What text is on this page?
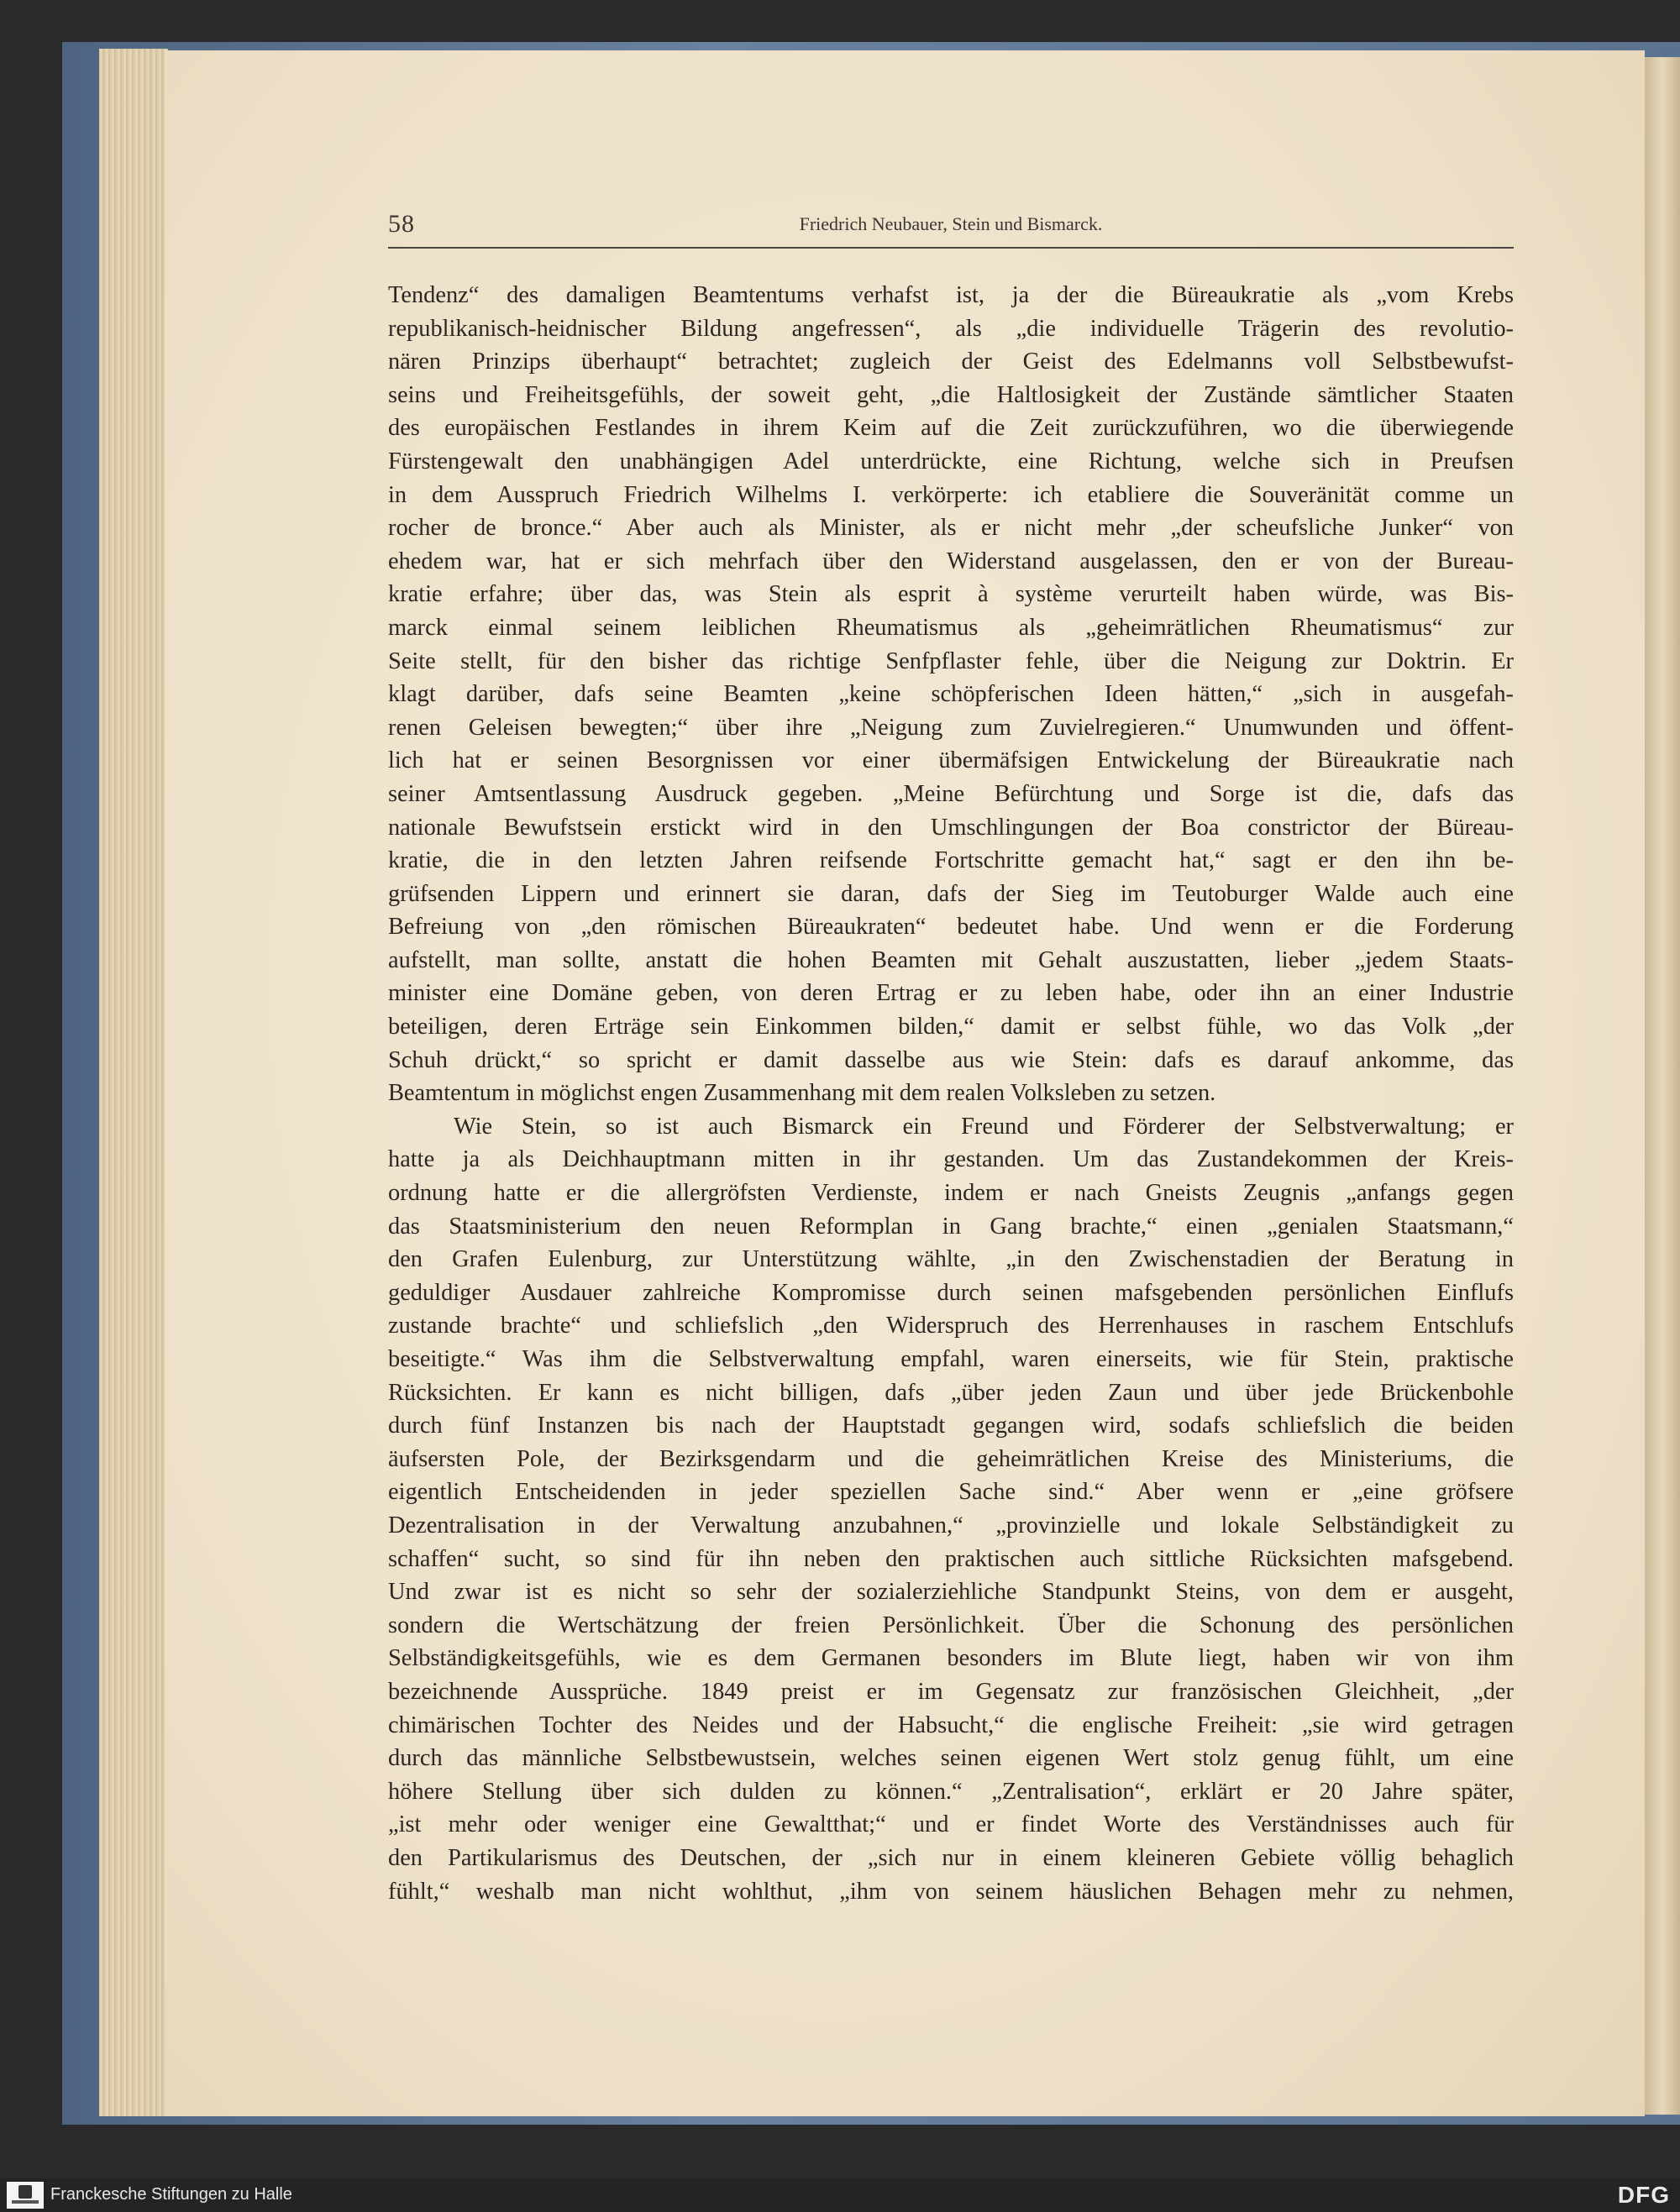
58	Friedrich Neubauer, Stein und Bismarck.
Tendenz“ des damaligen Beamtentums verhafst ist, ja der die Büreaukratie als „vom Krebs
republikanisch-heidnischer Bildung angefressen“, als „die individuelle Trägerin des revolutio-
nären Prinzips überhaupt“ betrachtet; zugleich der Geist des Edelmanns voll Selbstbewufst-
seins und Freiheitsgefühls, der soweit geht, „die Haltlosigkeit der Zustände sämtlicher Staaten
des europäischen Festlandes in ihrem Keim auf die Zeit zurückzuführen, wo die überwiegende
Fürstengewalt den unabhängigen Adel unterdrückte, eine Richtung, welche sich in Preufsen
in dem Ausspruch Friedrich Wilhelms I. verkörperte: ich etabliere die Souveränität comme un
rocher de bronce.“ Aber auch als Minister, als er nicht mehr „der scheufsliche Junker“ von
ehedem war, hat er sich mehrfach über den Widerstand ausgelassen, den er von der Bureau-
kratie erfahre; über das, was Stein als esprit à système verurteilt haben würde, was Bis-
marck einmal seinem leiblichen Rheumatismus als „geheimrätlichen Rheumatismus“ zur
Seite stellt, für den bisher das richtige Senfpflaster fehle, über die Neigung zur Doktrin. Er
klagt darüber, dafs seine Beamten „keine schöpferischen Ideen hätten,“ „sich in ausgefah-
renen Geleisen bewegten;“ über ihre „Neigung zum Zuvielregieren.“ Unumwunden und öffent-
lich hat er seinen Besorgnissen vor einer übermäfsigen Entwickelung der Büreaukratie nach
seiner Amtsentlassung Ausdruck gegeben. „Meine Befürchtung und Sorge ist die, dafs das
nationale Bewufstsein erstickt wird in den Umschlingungen der Boa constrictor der Büreau-
kratie, die in den letzten Jahren reifsende Fortschritte gemacht hat,“ sagt er den ihn be-
grüfsenden Lippern und erinnert sie daran, dafs der Sieg im Teutoburger Walde auch eine
Befreiung von „den römischen Büreaukraten“ bedeutet habe. Und wenn er die Forderung
aufstellt, man sollte, anstatt die hohen Beamten mit Gehalt auszustatten, lieber „jedem Staats-
minister eine Domäne geben, von deren Ertrag er zu leben habe, oder ihn an einer Industrie
beteiligen, deren Erträge sein Einkommen bilden,“ damit er selbst fühle, wo das Volk „der
Schuh drückt,“ so spricht er damit dasselbe aus wie Stein: dafs es darauf ankomme, das
Beamtentum in möglichst engen Zusammenhang mit dem realen Volksleben zu setzen.
Wie Stein, so ist auch Bismarck ein Freund und Förderer der Selbstverwaltung; er
hatte ja als Deichhauptmann mitten in ihr gestanden. Um das Zustandekommen der Kreis-
ordnung hatte er die allergröfsten Verdienste, indem er nach Gneists Zeugnis „anfangs gegen
das Staatsministerium den neuen Reformplan in Gang brachte,“ einen „genialen Staatsmann,“
den Grafen Eulenburg, zur Unterstützung wählte, „in den Zwischenstadien der Beratung in
geduldiger Ausdauer zahlreiche Kompromisse durch seinen mafsgebenden persönlichen Einflufs
zustande brachte“ und schliefslich „den Widerspruch des Herrenhauses in raschem Entschlufs
beseitigte.“ Was ihm die Selbstverwaltung empfahl, waren einerseits, wie für Stein, praktische
Rücksichten. Er kann es nicht billigen, dafs „über jeden Zaun und über jede Brückenbohle
durch fünf Instanzen bis nach der Hauptstadt gegangen wird, sodafs schliefslich die beiden
äufsersten Pole, der Bezirksgendarm und die geheimrätlichen Kreise des Ministeriums, die
eigentlich Entscheidenden in jeder speziellen Sache sind.“ Aber wenn er „eine gröfsere
Dezentralisation in der Verwaltung anzubahnen,“ „provinzielle und lokale Selbständigkeit zu
schaffen“ sucht, so sind für ihn neben den praktischen auch sittliche Rücksichten mafsgebend.
Und zwar ist es nicht so sehr der sozialerziehliche Standpunkt Steins, von dem er ausgeht,
sondern die Wertschätzung der freien Persönlichkeit. Über die Schonung des persönlichen
Selbständigkeitsgefühls, wie es dem Germanen besonders im Blute liegt, haben wir von ihm
bezeichnende Aussprüche. 1849 preist er im Gegensatz zur französischen Gleichheit, „der
chimärischen Tochter des Neides und der Habsucht,“ die englische Freiheit: „sie wird getragen
durch das männliche Selbstbewustsein, welches seinen eigenen Wert stolz genug fühlt, um eine
höhere Stellung über sich dulden zu können.“ „Zentralisation“, erklärt er 20 Jahre später,
„ist mehr oder weniger eine Gewaltthat;“ und er findet Worte des Verständnisses auch für
den Partikularismus des Deutschen, der „sich nur in einem kleineren Gebiete völlig behaglich
fühlt,“ weshalb man nicht wohlthut, „ihm von seinem häuslichen Behagen mehr zu nehmen,
Franckesche Stiftungen zu Halle	DFG
